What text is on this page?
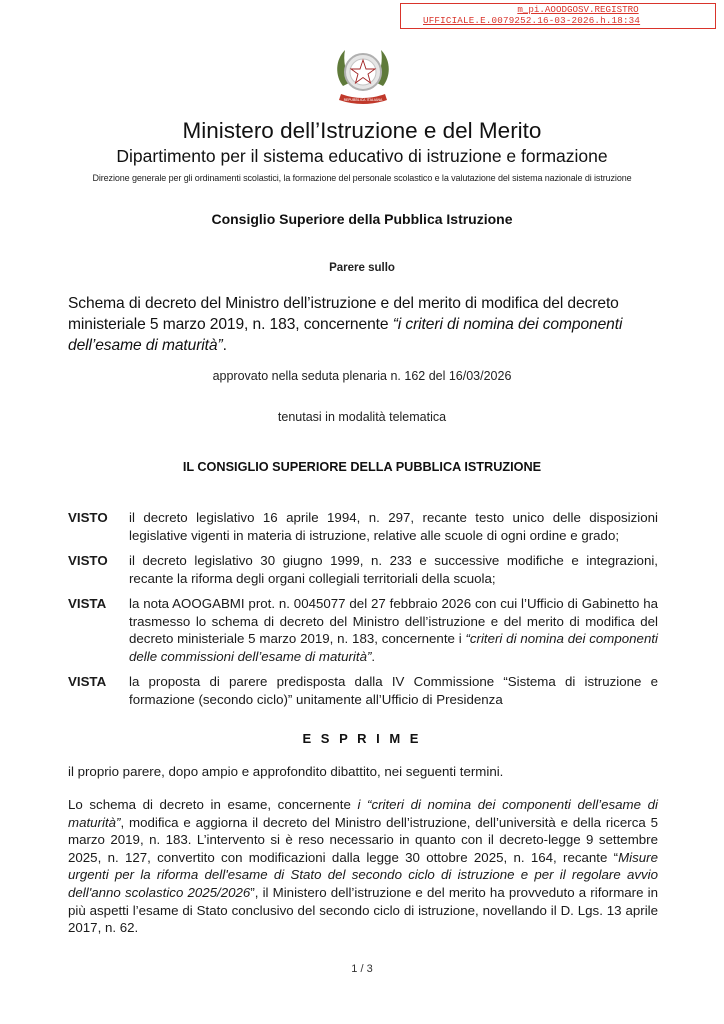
m_pi.AOODGOSV.REGISTRO
UFFICIALE.E.0079252.16-03-2026.h.18:34
REPUBBLICA ITALIANA
Ministero dell’Istruzione e del Merito
Dipartimento per il sistema educativo di istruzione e formazione
Direzione generale per gli ordinamenti scolastici, la formazione del personale scolastico e la valutazione del sistema nazionale di istruzione
Consiglio Superiore della Pubblica Istruzione
Parere sullo
Schema di decreto del Ministro dell’istruzione e del merito di modifica del decreto ministeriale 5 marzo 2019, n. 183, concernente “i criteri di nomina dei componenti dell’esame di maturità”.
approvato nella seduta plenaria n. 162 del 16/03/2026
tenutasi in modalità telematica
IL CONSIGLIO SUPERIORE DELLA PUBBLICA ISTRUZIONE
VISTO	il decreto legislativo 16 aprile 1994, n. 297, recante testo unico delle disposizioni legislative vigenti in materia di istruzione, relative alle scuole di ogni ordine e grado;
VISTO	il decreto legislativo 30 giugno 1999, n. 233 e successive modifiche e integrazioni, recante la riforma degli organi collegiali territoriali della scuola;
VISTA	la nota AOOGABMI prot. n. 0045077 del 27 febbraio 2026 con cui l’Ufficio di Gabinetto ha trasmesso lo schema di decreto del Ministro dell’istruzione e del merito di modifica del decreto ministeriale 5 marzo 2019, n. 183, concernente i “criteri di nomina dei componenti delle commissioni dell’esame di maturità”.
VISTA	la proposta di parere predisposta dalla IV Commissione “Sistema di istruzione e formazione (secondo ciclo)” unitamente all’Ufficio di Presidenza
E S P R I M E
il proprio parere, dopo ampio e approfondito dibattito, nei seguenti termini.
Lo schema di decreto in esame, concernente i “criteri di nomina dei componenti dell’esame di maturità”, modifica e aggiorna il decreto del Ministro dell’istruzione, dell’università e della ricerca 5 marzo 2019, n. 183. L’intervento si è reso necessario in quanto con il decreto-legge 9 settembre 2025, n. 127, convertito con modificazioni dalla legge 30 ottobre 2025, n. 164, recante “Misure urgenti per la riforma dell'esame di Stato del secondo ciclo di istruzione e per il regolare avvio dell'anno scolastico 2025/2026”, il Ministero dell’istruzione e del merito ha provveduto a riformare in più aspetti l’esame di Stato conclusivo del secondo ciclo di istruzione, novellando il D. Lgs. 13 aprile 2017, n. 62.
1 / 3
